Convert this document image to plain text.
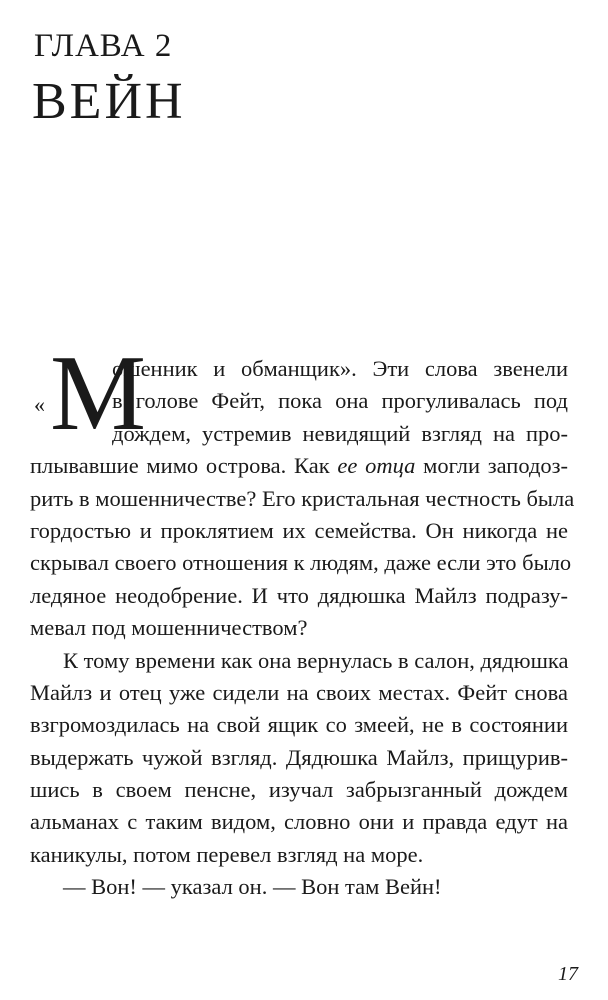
ГЛАВА 2
ВЕЙН
« М
ошенник и обманщик». Эти слова звенели
в голове Фейт, пока она прогуливалась под
дождем, устремив невидящий взгляд на про-
плывавшие мимо острова. Как ее отца могли заподоз-
рить в мошенничестве? Его кристальная честность была
гордостью и проклятием их семейства. Он никогда не
скрывал своего отношения к людям, даже если это было
ледяное неодобрение. И что дядюшка Майлз подразу-
мевал под мошенничеством?
К тому времени как она вернулась в салон, дядюшка
Майлз и отец уже сидели на своих местах. Фейт снова
взгромоздилась на свой ящик со змеей, не в состоянии
выдержать чужой взгляд. Дядюшка Майлз, прищурив-
шись в своем пенсне, изучал забрызганный дождем
альманах с таким видом, словно они и правда едут на
каникулы, потом перевел взгляд на море.
— Вон! — указал он. — Вон там Вейн!
17
